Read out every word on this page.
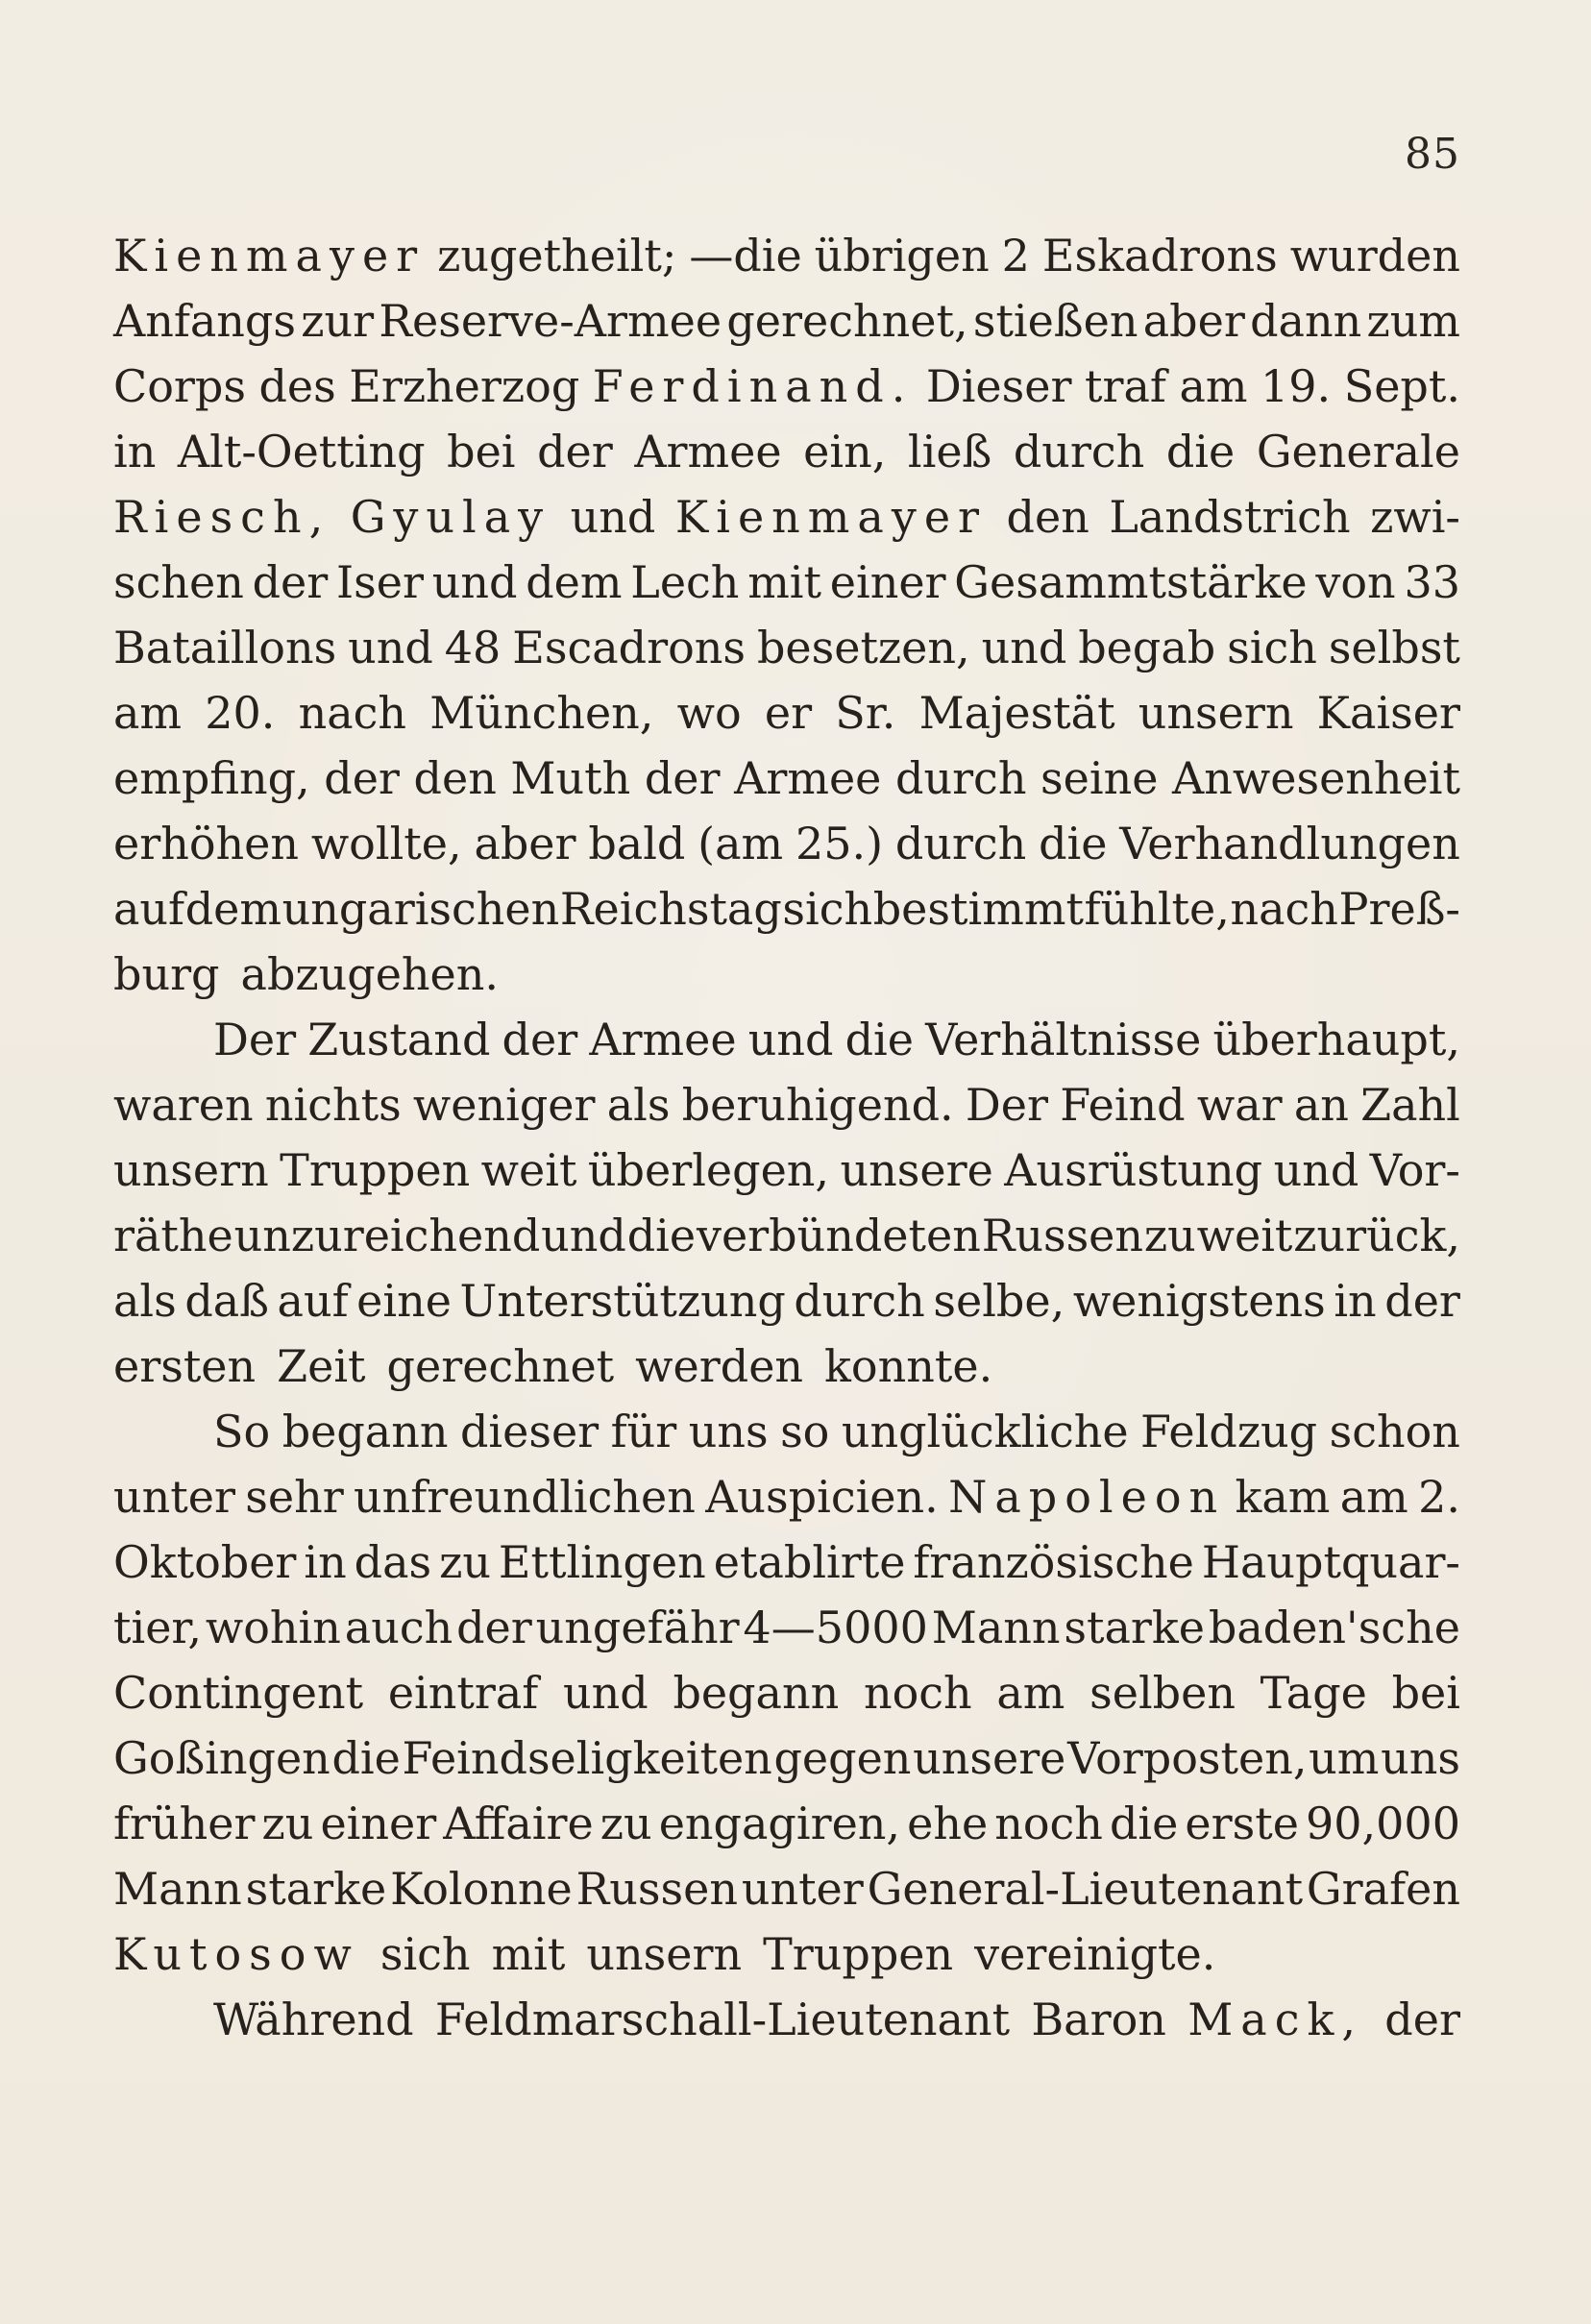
85
Kienmayer zugetheilt; —die übrigen 2 Eskadrons wurden
Anfangs zur Reserve-Armee gerechnet, stießen aber dann zum
Corps des Erzherzog Ferdinand. Dieser traf am 19. Sept.
in Alt-Oetting bei der Armee ein, ließ durch die Generale
Riesch, Gyulay und Kienmayer den Landstrich zwi-
schen der Iser und dem Lech mit einer Gesammtstärke von 33
Bataillons und 48 Escadrons besetzen, und begab sich selbst
am 20. nach München, wo er Sr. Majestät unsern Kaiser
empfing, der den Muth der Armee durch seine Anwesenheit
erhöhen wollte, aber bald (am 25.) durch die Verhandlungen
auf dem ungarischen Reichstag sich bestimmt fühlte, nach Preß-
burg abzugehen.
Der Zustand der Armee und die Verhältnisse überhaupt,
waren nichts weniger als beruhigend. Der Feind war an Zahl
unsern Truppen weit überlegen, unsere Ausrüstung und Vor-
räthe unzureichend und die verbündeten Russen zu weit zurück,
als daß auf eine Unterstützung durch selbe, wenigstens in der
ersten Zeit gerechnet werden konnte.
So begann dieser für uns so unglückliche Feldzug schon
unter sehr unfreundlichen Auspicien. Napoleon kam am 2.
Oktober in das zu Ettlingen etablirte französische Hauptquar-
tier, wohin auch der ungefähr 4—5000 Mann starke baden'sche
Contingent eintraf und begann noch am selben Tage bei
Goßingen die Feindseligkeiten gegen unsere Vorposten, um uns
früher zu einer Affaire zu engagiren, ehe noch die erste 90,000
Mann starke Kolonne Russen unter General-Lieutenant Grafen
Kutosow sich mit unsern Truppen vereinigte.
Während Feldmarschall-Lieutenant Baron Mack, der
